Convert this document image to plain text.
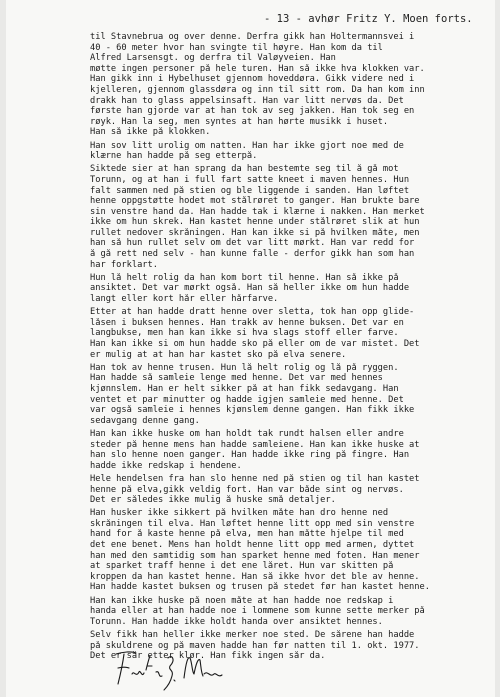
- 13 - avhør Fritz Y. Moen forts.
til Stavnebrua og over denne. Derfra gikk han Holtermannsvei i
40 - 60 meter hvor han svingte til høyre. Han kom da til
Alfred Larsensgt. og derfra til Valøyveien. Han
møtte ingen personer på hele turen. Han så ikke hva klokken var.
Han gikk inn i Hybelhuset gjennom hoveddøra. Gikk videre ned i
kjelleren, gjennom glassdøra og inn til sitt rom. Da han kom inn
drakk han to glass appelsinsaft. Han var litt nervøs da. Det
første han gjorde var at han tok av seg jakken. Han tok seg en
røyk. Han la seg, men syntes at han hørte musikk i huset.
Han så ikke på klokken.
Han sov litt urolig om natten. Han har ikke gjort noe med de
klærne han hadde på seg etterpå.
Siktede sier at han sprang da han bestemte seg til å gå mot
Torunn, og at han i full fart satte kneet i maven hennes. Hun
falt sammen ned på stien og ble liggende i sanden. Han løftet
henne oppgstøtte hodet mot stålrøret to ganger. Han brukte bare
sin venstre hand da. Han hadde tak i klærne i nakken. Han merket
ikke om hun skrek. Han kastet henne under stålrøret slik at hun
rullet nedover skråningen. Han kan ikke si på hvilken måte, men
han så hun rullet selv om det var litt mørkt. Han var redd for
å gå rett ned selv - han kunne falle - derfor gikk han som han
har forklart.
Hun lå helt rolig da han kom bort til henne. Han så ikke på
ansiktet. Det var mørkt også. Han så heller ikke om hun hadde
langt eller kort hår eller hårfarve.
Etter at han hadde dratt henne over sletta, tok han opp glide-
låsen i buksen hennes. Han trakk av henne buksen. Det var en
langbukse, men han kan ikke si hva slags stoff eller farve.
Han kan ikke si om hun hadde sko på eller om de var mistet. Det
er mulig at at han har kastet sko på elva senere.
Han tok av henne trusen. Hun lå helt rolig og lå på ryggen.
Han hadde så samleie lenge med henne. Det var med hennes
kjønnslem. Han er helt sikker på at han fikk sedavgang. Han
ventet et par minutter og hadde igjen samleie med henne. Det
var også samleie i hennes kjønslem denne gangen. Han fikk ikke
sedavgang denne gang.
Han kan ikke huske om han holdt tak rundt halsen eller andre
steder på henne mens han hadde samleiene. Han kan ikke huske at
han slo henne noen ganger. Han hadde ikke ring på fingre. Han
hadde ikke redskap i hendene.
Hele hendelsen fra han slo henne ned på stien og til han kastet
henne på elva,gikk veldig fort. Han var både sint og nervøs.
Det er således ikke mulig å huske små detaljer.
Han husker ikke sikkert på hvilken måte han dro henne ned
skråningen til elva. Han løftet henne litt opp med sin venstre
hand for å kaste henne på elva, men han måtte hjelpe til med
det ene benet. Mens han holdt henne litt opp med armen, dyttet
han med den samtidig som han sparket henne med foten. Han mener
at sparket traff henne i det ene låret. Hun var skitten på
kroppen da han kastet henne. Han så ikke hvor det ble av henne.
Han hadde kastet buksen og trusen på stedet før han kastet henne.
Han kan ikke huske på noen måte at han hadde noe redskap i
handa eller at han hadde noe i lommene som kunne sette merker på
Torunn. Han hadde ikke holdt handa over ansiktet hennes.
Selv fikk han heller ikke merker noe sted. De sårene han hadde
på skuldrene og på maven hadde han før natten til 1. okt. 1977.
Det er sår etter klør. Han fikk ingen sår da.
